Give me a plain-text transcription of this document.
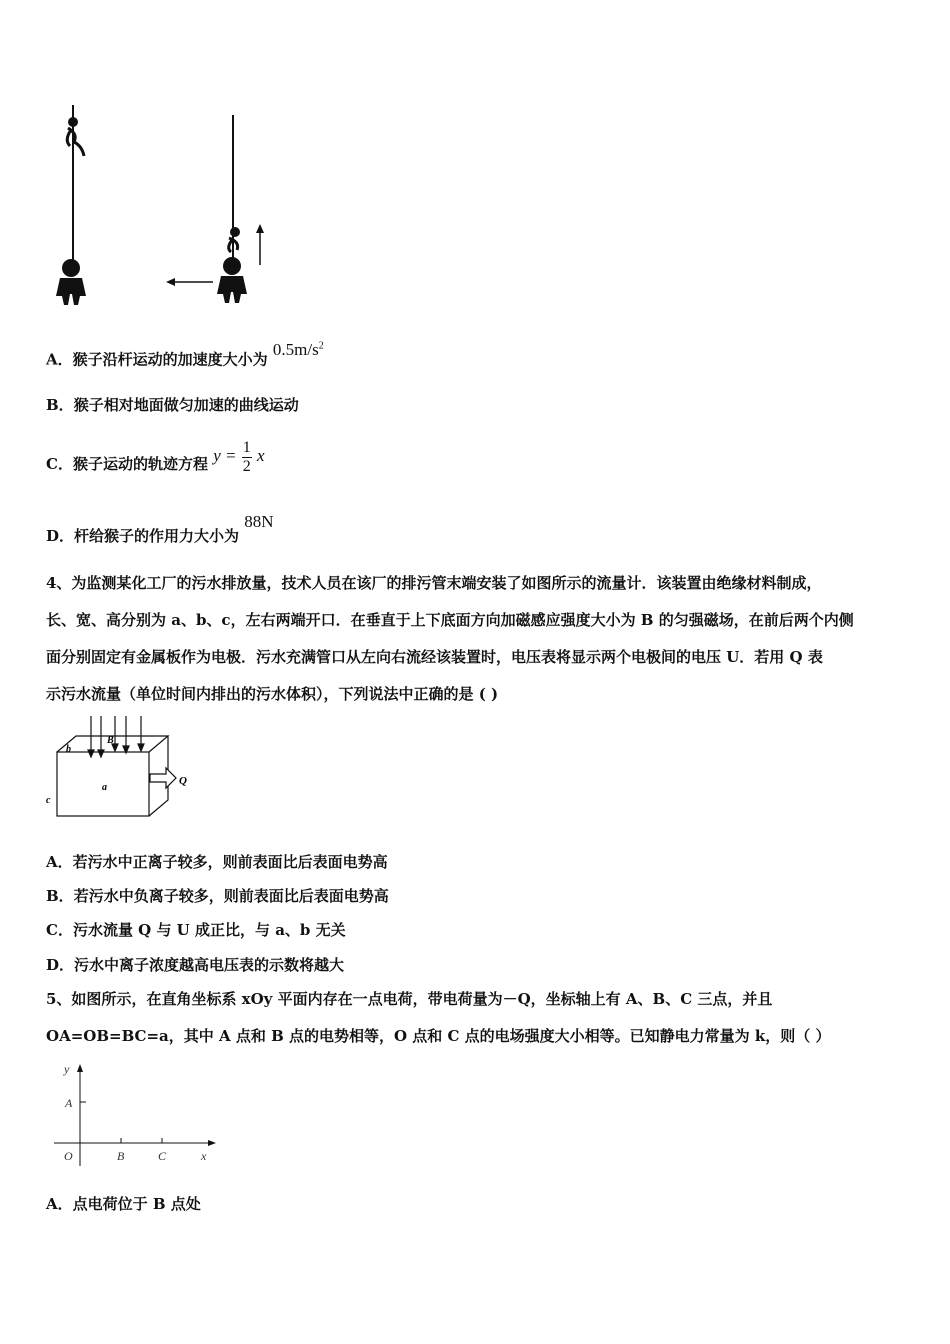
A．猴子沿杆运动的加速度大小为 $0.5m/s^2$
B．猴子相对地面做匀加速的曲线运动
C．猴子运动的轨迹方程 $y = \frac{1}{2}$ x
D．杆给猴子的作用力大小为 88N
4、为监测某化工厂的污水排放量，技术人员在该厂的排污管末端安装了如图所示的流量计．该装置由绝缘材料制成，
长、宽、高分别为 a、b、c，左右两端开口．在垂直于上下底面方向加磁感应强度大小为 B 的匀强磁场，在前后两个内侧
面分别固定有金属板作为电极．污水充满管口从左向右流经该装置时，电压表将显示两个电极间的电压 U．若用 Q 表
示污水流量（单位时间内排出的污水体积），下列说法中正确的是 ( )
b
B
a
c
Q
A．若污水中正离子较多，则前表面比后表面电势高
B．若污水中负离子较多，则前表面比后表面电势高
C．污水流量 Q 与 U 成正比，与 a、b 无关
D．污水中离子浓度越高电压表的示数将越大
5、如图所示，在直角坐标系 xOy 平面内存在一点电荷，带电荷量为－Q，坐标轴上有 A、B、C 三点，并且
OA=OB=BC=a，其中 A 点和 B 点的电势相等，O 点和 C 点的电场强度大小相等。已知静电力常量为 k，则（ ）
y
A
O	B	C	x
A．点电荷位于 B 点处
